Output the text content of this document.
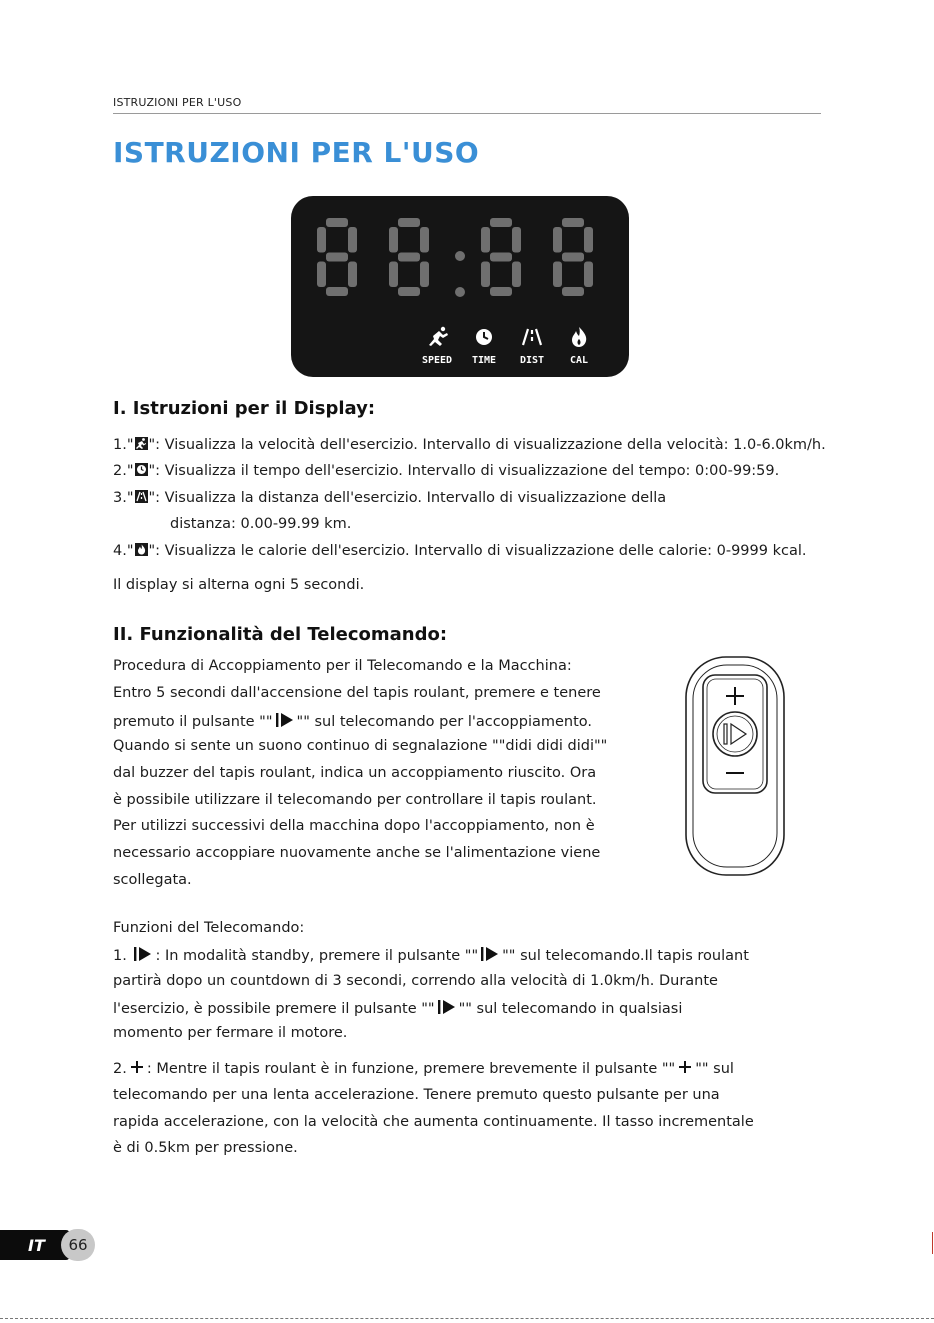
ISTRUZIONI PER L'USO
ISTRUZIONI PER L'USO
SPEED TIME DIST	CAL
I. Istruzioni per il Display:
1." ": Visualizza la velocità dell'esercizio. Intervallo di visualizzazione della velocità: 1.0-6.0km/h.
2." ": Visualizza il tempo dell'esercizio. Intervallo di visualizzazione del tempo: 0:00-99:59.
3." ": Visualizza la distanza dell'esercizio. Intervallo di visualizzazione della
distanza: 0.00-99.99 km.
4." ": Visualizza le calorie dell'esercizio. Intervallo di visualizzazione delle calorie: 0-9999 kcal.
Il display si alterna ogni 5 secondi.
II. Funzionalità del Telecomando:
Procedura di Accoppiamento per il Telecomando e la Macchina:
Entro 5 secondi dall'accensione del tapis roulant, premere e tenere
premuto il pulsante "" "" sul telecomando per l'accoppiamento.
Quando si sente un suono continuo di segnalazione ""didi didi didi""
dal buzzer del tapis roulant, indica un accoppiamento riuscito. Ora
è possibile utilizzare il telecomando per controllare il tapis roulant.
Per utilizzi successivi della macchina dopo l'accoppiamento, non è
necessario accoppiare nuovamente anche se l'alimentazione viene
scollegata.
Funzioni del Telecomando:
1. : In modalità standby, premere il pulsante "" "" sul telecomando.Il tapis roulant
partirà dopo un countdown di 3 secondi, correndo alla velocità di 1.0km/h. Durante
l'esercizio, è possibile premere il pulsante "" "" sul telecomando in qualsiasi
momento per fermare il motore.
2. : Mentre il tapis roulant è in funzione, premere brevemente il pulsante "" "" sul
telecomando per una lenta accelerazione. Tenere premuto questo pulsante per una
rapida accelerazione, con la velocità che aumenta continuamente. Il tasso incrementale
è di 0.5km per pressione.
IT	66
